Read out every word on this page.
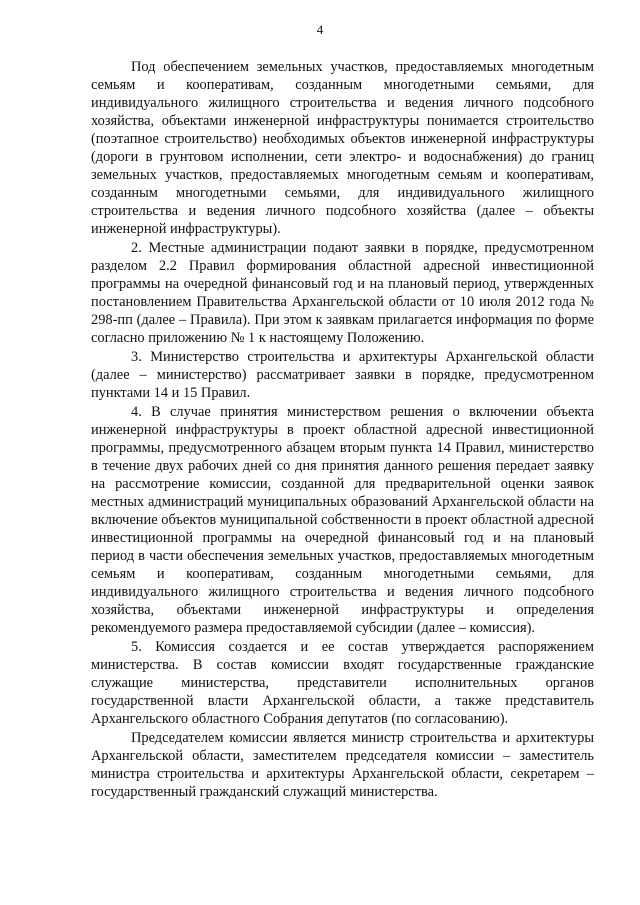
4

Под обеспечением земельных участков, предоставляемых многодетным семьям и кооперативам, созданным многодетными семьями, для индивидуального жилищного строительства и ведения личного подсобного хозяйства, объектами инженерной инфраструктуры понимается строительство (поэтапное строительство) необходимых объектов инженерной инфраструктуры (дороги в грунтовом исполнении, сети электро- и водоснабжения) до границ земельных участков, предоставляемых многодетным семьям и кооперативам, созданным многодетными семьями, для индивидуального жилищного строительства и ведения личного подсобного хозяйства (далее – объекты инженерной инфраструктуры).

2. Местные администрации подают заявки в порядке, предусмотренном разделом 2.2 Правил формирования областной адресной инвестиционной программы на очередной финансовый год и на плановый период, утвержденных постановлением Правительства Архангельской области от 10 июля 2012 года № 298-пп (далее – Правила). При этом к заявкам прилагается информация по форме согласно приложению № 1 к настоящему Положению.

3. Министерство строительства и архитектуры Архангельской области (далее – министерство) рассматривает заявки в порядке, предусмотренном пунктами 14 и 15 Правил.

4. В случае принятия министерством решения о включении объекта инженерной инфраструктуры в проект областной адресной инвестиционной программы, предусмотренного абзацем вторым пункта 14 Правил, министерство в течение двух рабочих дней со дня принятия данного решения передает заявку на рассмотрение комиссии, созданной для предварительной оценки заявок местных администраций муниципальных образований Архангельской области на включение объектов муниципальной собственности в проект областной адресной инвестиционной программы на очередной финансовый год и на плановый период в части обеспечения земельных участков, предоставляемых многодетным семьям и кооперативам, созданным многодетными семьями, для индивидуального жилищного строительства и ведения личного подсобного хозяйства, объектами инженерной инфраструктуры и определения рекомендуемого размера предоставляемой субсидии (далее – комиссия).

5. Комиссия создается и ее состав утверждается распоряжением министерства. В состав комиссии входят государственные гражданские служащие министерства, представители исполнительных органов государственной власти Архангельской области, а также представитель Архангельского областного Собрания депутатов (по согласованию).

Председателем комиссии является министр строительства и архитектуры Архангельской области, заместителем председателя комиссии – заместитель министра строительства и архитектуры Архангельской области, секретарем – государственный гражданский служащий министерства.
